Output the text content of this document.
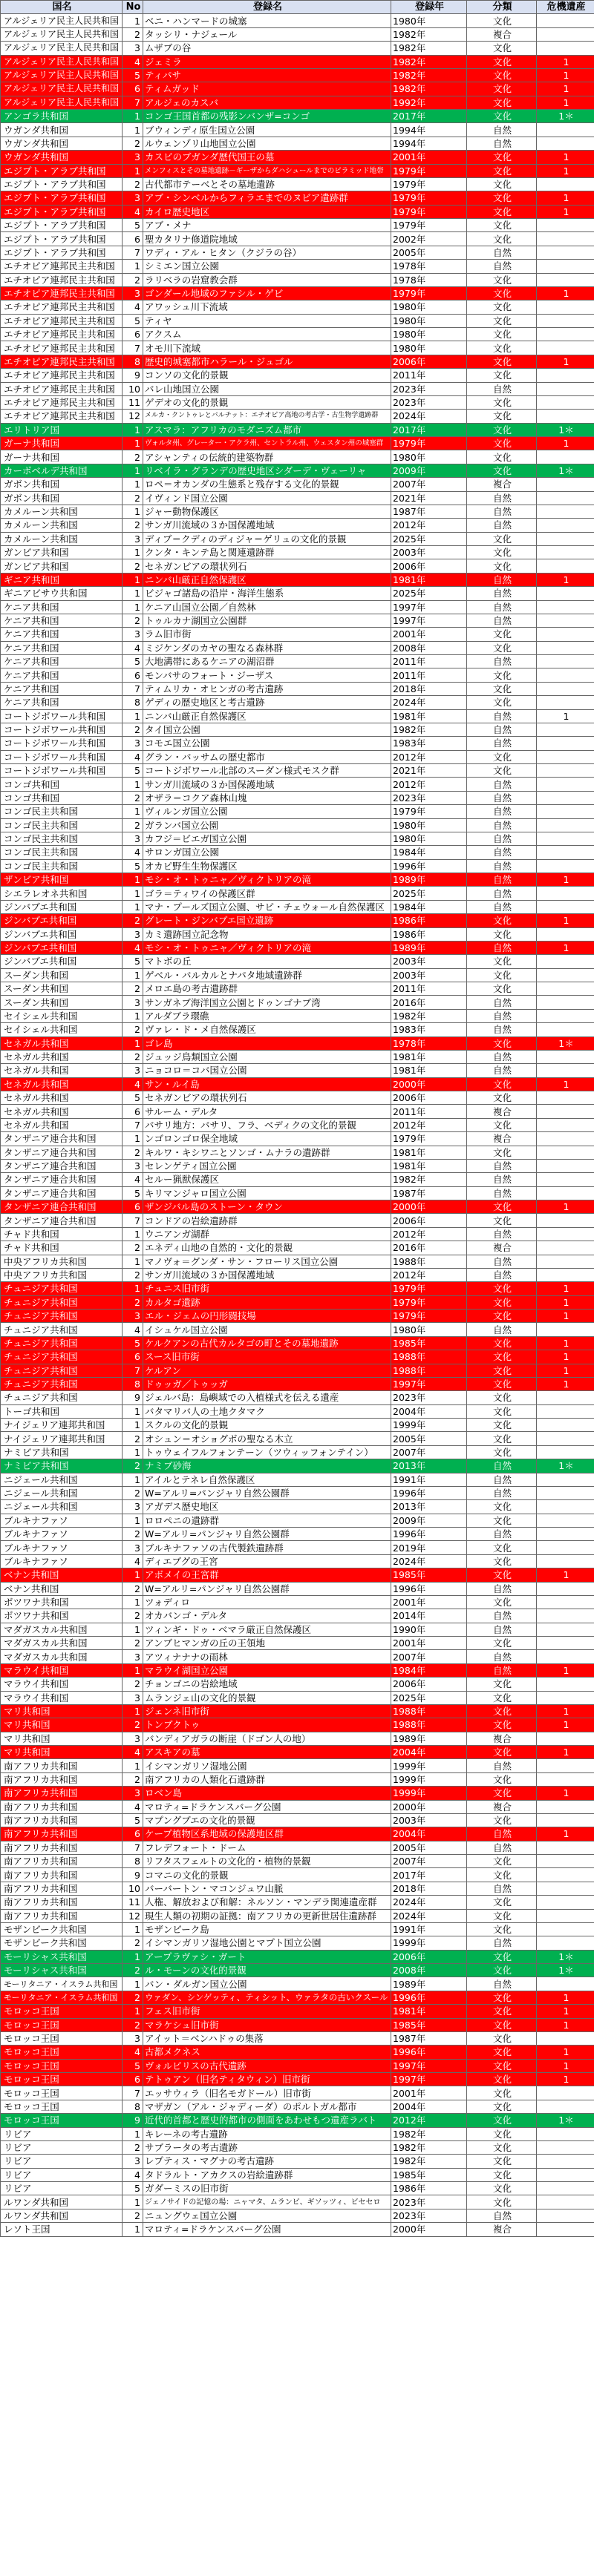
国名	No	登録名	登録年	分類	危機遺産
アルジェリア民主人民共和国	1	ベニ・ハンマードの城塞	1980年	文化	
アルジェリア民主人民共和国	2	タッシリ・ナジェール	1982年	複合	
アルジェリア民主人民共和国	3	ムザブの谷	1982年	文化	
アルジェリア民主人民共和国	4	ジェミラ	1982年	文化	1
アルジェリア民主人民共和国	5	ティパサ	1982年	文化	1
アルジェリア民主人民共和国	6	ティムガッド	1982年	文化	1
アルジェリア民主人民共和国	7	アルジェのカスバ	1992年	文化	1
アンゴラ共和国	1	コンゴ王国首都の残影ンバンザ=コンゴ	2017年	文化	1＊
ウガンダ共和国	1	ブウィンディ原生国立公園	1994年	自然	
ウガンダ共和国	2	ルウェンゾリ山地国立公園	1994年	自然	
ウガンダ共和国	3	カスビのブガンダ歴代国王の墓	2001年	文化	1
エジプト・アラブ共和国	1	メンフィスとその墓地遺跡－ギーザからダハシュールまでのピラミッド地帯	1979年	文化	1
エジプト・アラブ共和国	2	古代都市テーベとその墓地遺跡	1979年	文化	
エジプト・アラブ共和国	3	アブ・シンベルからフィラエまでのヌビア遺跡群	1979年	文化	1
エジプト・アラブ共和国	4	カイロ歴史地区	1979年	文化	1
エジプト・アラブ共和国	5	アブ・メナ	1979年	文化	
エジプト・アラブ共和国	6	聖カタリナ修道院地域	2002年	文化	
エジプト・アラブ共和国	7	ワディ・アル・ヒタン（クジラの谷）	2005年	自然	
エチオピア連邦民主共和国	1	シミエン国立公園	1978年	自然	
エチオピア連邦民主共和国	2	ラリベラの岩窟教会群	1978年	文化	
エチオピア連邦民主共和国	3	ゴンダール地域のファシル・ゲビ	1979年	文化	1
エチオピア連邦民主共和国	4	アワッシュ川下流域	1980年	文化	
エチオピア連邦民主共和国	5	ティヤ	1980年	文化	
エチオピア連邦民主共和国	6	アクスム	1980年	文化	
エチオピア連邦民主共和国	7	オモ川下流域	1980年	文化	
エチオピア連邦民主共和国	8	歴史的城塞都市ハラール・ジュゴル	2006年	文化	1
エチオピア連邦民主共和国	9	コンソの文化的景観	2011年	文化	
エチオピア連邦民主共和国	10	バレ山地国立公園	2023年	自然	
エチオピア連邦民主共和国	11	ゲデオの文化的景観	2023年	文化	
エチオピア連邦民主共和国	12	メルカ・クントゥレとバルチット：エチオピア高地の考古学・古生物学遺跡群	2024年	文化	
エリトリア国	1	アスマラ：アフリカのモダニズム都市	2017年	文化	1＊
ガーナ共和国	1	ヴォルタ州、グレーター・アクラ州、セントラル州、ウェスタン州の城塞群	1979年	文化	1
ガーナ共和国	2	アシャンティの伝統的建築物群	1980年	文化	
カーボベルデ共和国	1	リベイラ・グランデの歴史地区シダーデ・ヴェーリャ	2009年	文化	1＊
ガボン共和国	1	ロペ＝オカンダの生態系と残存する文化的景観	2007年	複合	
ガボン共和国	2	イヴィンド国立公園	2021年	自然	
カメルーン共和国	1	ジャー動物保護区	1987年	自然	
カメルーン共和国	2	サンガ川流域の３か国保護地域	2012年	自然	
カメルーン共和国	3	ディブ＝クディのディジャ＝ゲリュの文化的景観	2025年	文化	
ガンビア共和国	1	クンタ・キンテ島と関連遺跡群	2003年	文化	
ガンビア共和国	2	セネガンビアの環状列石	2006年	文化	
ギニア共和国	1	ニンバ山厳正自然保護区	1981年	自然	1
ギニアビサウ共和国	1	ビジャゴ諸島の沿岸・海洋生態系	2025年	自然	
ケニア共和国	1	ケニア山国立公園／自然林	1997年	自然	
ケニア共和国	2	トゥルカナ湖国立公園群	1997年	自然	
ケニア共和国	3	ラム旧市街	2001年	文化	
ケニア共和国	4	ミジケンダのカヤの聖なる森林群	2008年	文化	
ケニア共和国	5	大地溝帯にあるケニアの湖沼群	2011年	自然	
ケニア共和国	6	モンバサのフォート・ジーザス	2011年	文化	
ケニア共和国	7	ティムリカ・オヒンガの考古遺跡	2018年	文化	
ケニア共和国	8	ゲディの歴史地区と考古遺跡	2024年	文化	
コートジボワール共和国	1	ニンバ山厳正自然保護区	1981年	自然	1
コートジボワール共和国	2	タイ国立公園	1982年	自然	
コートジボワール共和国	3	コモエ国立公園	1983年	自然	
コートジボワール共和国	4	グラン・バッサムの歴史都市	2012年	文化	
コートジボワール共和国	5	コートジボワール北部のスーダン様式モスク群	2021年	文化	
コンゴ共和国	1	サンガ川流域の３か国保護地域	2012年	自然	
コンゴ共和国	2	オザラ＝コクア森林山塊	2023年	自然	
コンゴ民主共和国	1	ヴィルンガ国立公園	1979年	自然	
コンゴ民主共和国	2	ガランバ国立公園	1980年	自然	
コンゴ民主共和国	3	カフジ＝ビエガ国立公園	1980年	自然	
コンゴ民主共和国	4	サロンガ国立公園	1984年	自然	
コンゴ民主共和国	5	オカピ野生生物保護区	1996年	自然	
ザンビア共和国	1	モシ・オ・トゥニャ／ヴィクトリアの滝	1989年	自然	1
シエラレオネ共和国	1	ゴラ＝ティワイの保護区群	2025年	自然	
ジンバブエ共和国	1	マナ・プールズ国立公園、サピ・チェウォール自然保護区	1984年	自然	
ジンバブエ共和国	2	グレート・ジンバブエ国立遺跡	1986年	文化	1
ジンバブエ共和国	3	カミ遺跡国立記念物	1986年	文化	
ジンバブエ共和国	4	モシ・オ・トゥニャ／ヴィクトリアの滝	1989年	自然	1
ジンバブエ共和国	5	マトボの丘	2003年	文化	
スーダン共和国	1	ゲベル・バルカルとナパタ地域遺跡群	2003年	文化	
スーダン共和国	2	メロエ島の考古遺跡群	2011年	文化	
スーダン共和国	3	サンガネブ海洋国立公園とドゥンゴナブ湾	2016年	自然	
セイシェル共和国	1	アルダブラ環礁	1982年	自然	
セイシェル共和国	2	ヴァレ・ド・メ自然保護区	1983年	自然	
セネガル共和国	1	ゴレ島	1978年	文化	1＊
セネガル共和国	2	ジュッジ鳥類国立公園	1981年	自然	
セネガル共和国	3	ニョコロ＝コバ国立公園	1981年	自然	
セネガル共和国	4	サン・ルイ島	2000年	文化	1
セネガル共和国	5	セネガンビアの環状列石	2006年	文化	
セネガル共和国	6	サルーム・デルタ	2011年	複合	
セネガル共和国	7	バサリ地方：バサリ、フラ、ベディクの文化的景観	2012年	文化	
タンザニア連合共和国	1	ンゴロンゴロ保全地域	1979年	複合	
タンザニア連合共和国	2	キルワ・キシワニとソンゴ・ムナラの遺跡群	1981年	文化	
タンザニア連合共和国	3	セレンゲティ国立公園	1981年	自然	
タンザニア連合共和国	4	セルー猟獣保護区	1982年	自然	
タンザニア連合共和国	5	キリマンジャロ国立公園	1987年	自然	
タンザニア連合共和国	6	ザンジバル島のストーン・タウン	2000年	文化	1
タンザニア連合共和国	7	コンドアの岩絵遺跡群	2006年	文化	
チャド共和国	1	ウニアンガ湖群	2012年	自然	
チャド共和国	2	エネディ山地の自然的・文化的景観	2016年	複合	
中央アフリカ共和国	1	マノヴォ＝グンダ・サン・フローリス国立公園	1988年	自然	
中央アフリカ共和国	2	サンガ川流域の３か国保護地域	2012年	自然	
チュニジア共和国	1	チュニス旧市街	1979年	文化	1
チュニジア共和国	2	カルタゴ遺跡	1979年	文化	1
チュニジア共和国	3	エル・ジェムの円形闘技場	1979年	文化	1
チュニジア共和国	4	イシュケル国立公園	1980年	自然	
チュニジア共和国	5	ケルクアンの古代カルタゴの町とその墓地遺跡	1985年	文化	1
チュニジア共和国	6	スース旧市街	1988年	文化	1
チュニジア共和国	7	ケルアン	1988年	文化	1
チュニジア共和国	8	ドゥッガ／トゥッガ	1997年	文化	1
チュニジア共和国	9	ジェルバ島：島嶼域での入植様式を伝える遺産	2023年	文化	
トーゴ共和国	1	バタマリバ人の土地クタマク	2004年	文化	
ナイジェリア連邦共和国	1	スクルの文化的景観	1999年	文化	
ナイジェリア連邦共和国	2	オシュン＝オショグボの聖なる木立	2005年	文化	
ナミビア共和国	1	トゥウェイフルフォンテーン（ツウィッフォンテイン）	2007年	文化	
ナミビア共和国	2	ナミブ砂海	2013年	自然	1＊
ニジェール共和国	1	アイルとテネレ自然保護区	1991年	自然	
ニジェール共和国	2	W=アルリ=パンジャリ自然公園群	1996年	自然	
ニジェール共和国	3	アガデス歴史地区	2013年	文化	
ブルキナファソ	1	ロロペニの遺跡群	2009年	文化	
ブルキナファソ	2	W=アルリ=パンジャリ自然公園群	1996年	自然	
ブルキナファソ	3	ブルキナファソの古代製鉄遺跡群	2019年	文化	
ブルキナファソ	4	ディエブグの王宮	2024年	文化	
ベナン共和国	1	アボメイの王宮群	1985年	文化	1
ベナン共和国	2	W=アルリ=パンジャリ自然公園群	1996年	自然	
ボツワナ共和国	1	ツォディロ	2001年	文化	
ボツワナ共和国	2	オカバンゴ・デルタ	2014年	自然	
マダガスカル共和国	1	ツィンギ・ドゥ・ベマラ厳正自然保護区	1990年	自然	
マダガスカル共和国	2	アンブヒマンガの丘の王領地	2001年	文化	
マダガスカル共和国	3	アツィナナナの雨林	2007年	自然	
マラウイ共和国	1	マラウイ湖国立公園	1984年	自然	1
マラウイ共和国	2	チョンゴニの岩絵地域	2006年	文化	
マラウイ共和国	3	ムランジェ山の文化的景観	2025年	文化	
マリ共和国	1	ジェンネ旧市街	1988年	文化	1
マリ共和国	2	トンブクトゥ	1988年	文化	1
マリ共和国	3	バンディアガラの断崖（ドゴン人の地）	1989年	複合	
マリ共和国	4	アスキアの墓	2004年	文化	1
南アフリカ共和国	1	イシマンガリソ湿地公園	1999年	自然	
南アフリカ共和国	2	南アフリカの人類化石遺跡群	1999年	文化	
南アフリカ共和国	3	ロベン島	1999年	文化	1
南アフリカ共和国	4	マロティ=ドラケンスバーグ公園	2000年	複合	
南アフリカ共和国	5	マプングブエの文化的景観	2003年	文化	
南アフリカ共和国	6	ケープ植物区系地域の保護地区群	2004年	自然	1
南アフリカ共和国	7	フレデフォート・ドーム	2005年	自然	
南アフリカ共和国	8	リフタスフェルトの文化的・植物的景観	2007年	文化	
南アフリカ共和国	9	コマニの文化的景観	2017年	文化	
南アフリカ共和国	10	バーバートン・マコンジュワ山脈	2018年	自然	
南アフリカ共和国	11	人権、解放および和解：ネルソン・マンデラ関連遺産群	2024年	文化	
南アフリカ共和国	12	現生人類の初期の証拠：南アフリカの更新世居住遺跡群	2024年	文化	
モザンビーク共和国	1	モザンビーク島	1991年	文化	
モザンビーク共和国	2	イシマンガリソ湿地公園とマプト国立公園	1999年	自然	
モーリシャス共和国	1	アープラヴァシ・ガート	2006年	文化	1＊
モーリシャス共和国	2	ル・モーンの文化的景観	2008年	文化	1＊
モーリタニア・イスラム共和国	1	バン・ダルガン国立公園	1989年	自然	
モーリタニア・イスラム共和国	2	ウァダン、シンゲッティ、ティシット、ウァラタの古いクスール	1996年	文化	1
モロッコ王国	1	フェス旧市街	1981年	文化	1
モロッコ王国	2	マラケシュ旧市街	1985年	文化	1
モロッコ王国	3	アイット＝ベンハドゥの集落	1987年	文化	
モロッコ王国	4	古都メクネス	1996年	文化	1
モロッコ王国	5	ヴォルビリスの古代遺跡	1997年	文化	1
モロッコ王国	6	テトゥアン（旧名ティタウィン）旧市街	1997年	文化	1
モロッコ王国	7	エッサウィラ（旧名モガドール）旧市街	2001年	文化	
モロッコ王国	8	マザガン（アル・ジャディーダ）のポルトガル都市	2004年	文化	
モロッコ王国	9	近代的首都と歴史的都市の側面をあわせもつ遺産ラバト	2012年	文化	1＊
リビア	1	キレーネの考古遺跡	1982年	文化	
リビア	2	サブラータの考古遺跡	1982年	文化	
リビア	3	レプティス・マグナの考古遺跡	1982年	文化	
リビア	4	タドラルト・アカクスの岩絵遺跡群	1985年	文化	
リビア	5	ガダーミスの旧市街	1986年	文化	
ルワンダ共和国	1	ジェノサイドの記憶の場：ニャマタ、ムランビ、ギソッツィ、ビセセロ	2023年	文化	
ルワンダ共和国	2	ニュングウェ国立公園	2023年	自然	
レソト王国	1	マロティ=ドラケンスバーグ公園	2000年	複合	
